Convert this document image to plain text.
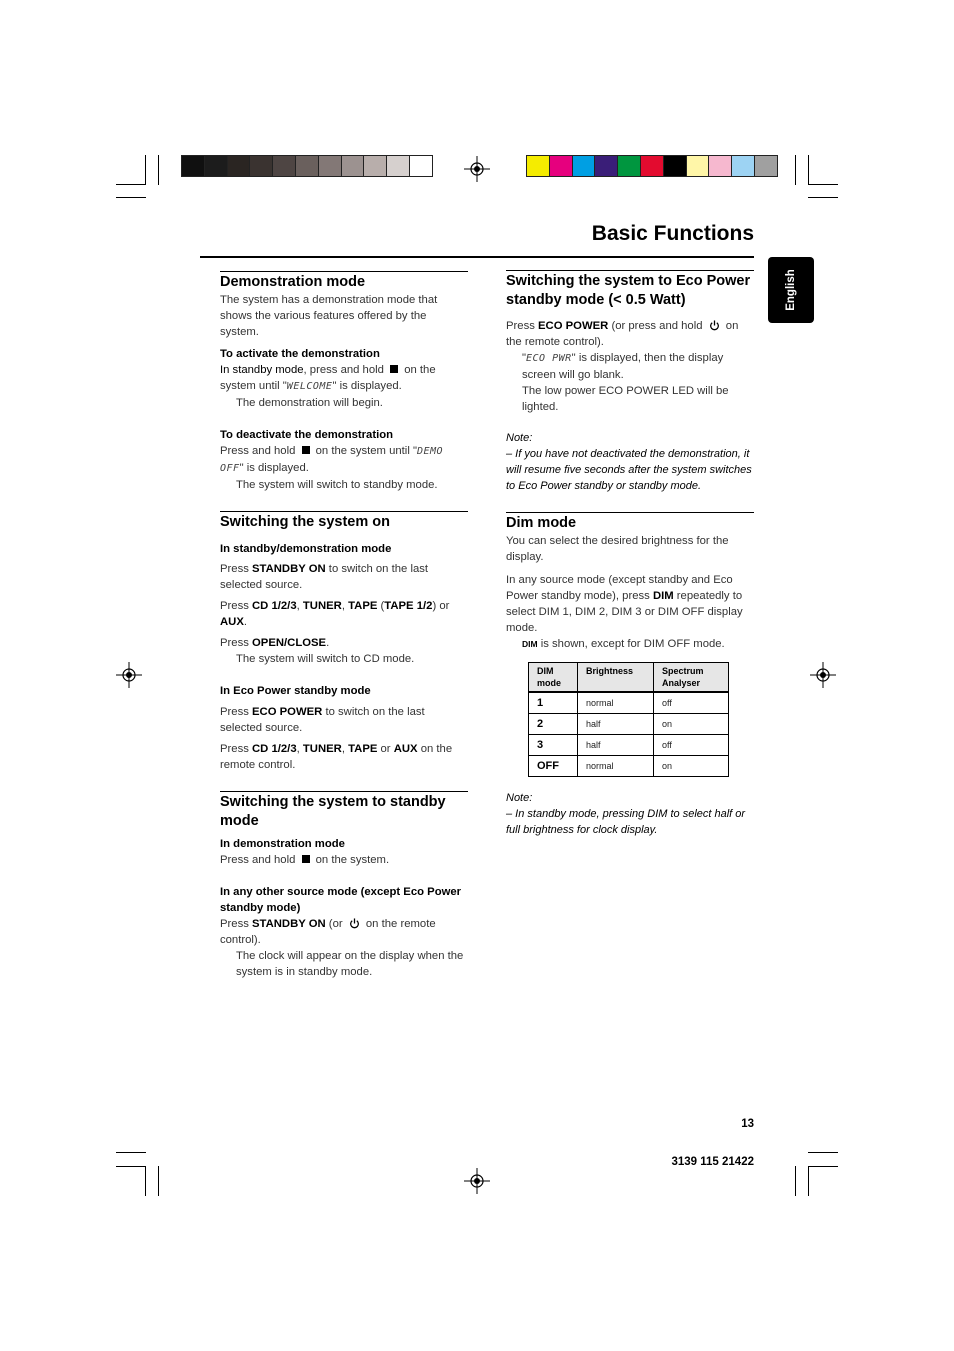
Basic Functions
English
Demonstration mode

The system has a demonstration mode that shows the various features offered by the system.

To activate the demonstration

In standby mode, press and hold  on the system until "WELCOME" is displayed.

The demonstration will begin.

To deactivate the demonstration

Press and hold  on the system until "DEMO OFF" is displayed.

The system will switch to standby mode.

Switching the system on
In standby/demonstration mode

Press STANDBY ON to switch on the last selected source.

Press CD 1/2/3, TUNER, TAPE (TAPE 1/2) or AUX.

Press OPEN/CLOSE.

The system will switch to CD mode.

In Eco Power standby mode

Press ECO POWER to switch on the last selected source.

Press CD 1/2/3, TUNER, TAPE or AUX on the remote control.

Switching the system to standby mode
In demonstration mode

Press and hold  on the system.

In any other source mode (except Eco Power standby mode)

Press STANDBY ON (or  on the remote control).

The clock will appear on the display when the system is in standby mode.

Switching the system to Eco Power standby mode (< 0.5 Watt)

Press ECO POWER (or press and hold  on the remote control).

"ECO PWR" is displayed, then the display screen will go blank.

The low power ECO POWER LED will be lighted.

Note:
– If you have not deactivated the demonstration, it will resume five seconds after the system switches to Eco Power standby or standby mode.
Dim mode

You can select the desired brightness for the display.

In any source mode (except standby and Eco Power standby mode), press DIM repeatedly to select DIM 1, DIM 2, DIM 3 or DIM OFF display mode.

DIM is shown, except for DIM OFF mode.

DIM mode	Brightness	Spectrum Analyser
1	normal	off
2	half	on
3	half	off
OFF	normal	on
Note:
– In standby mode, pressing DIM to select half or full brightness for clock display.
13
3139 115 21422
